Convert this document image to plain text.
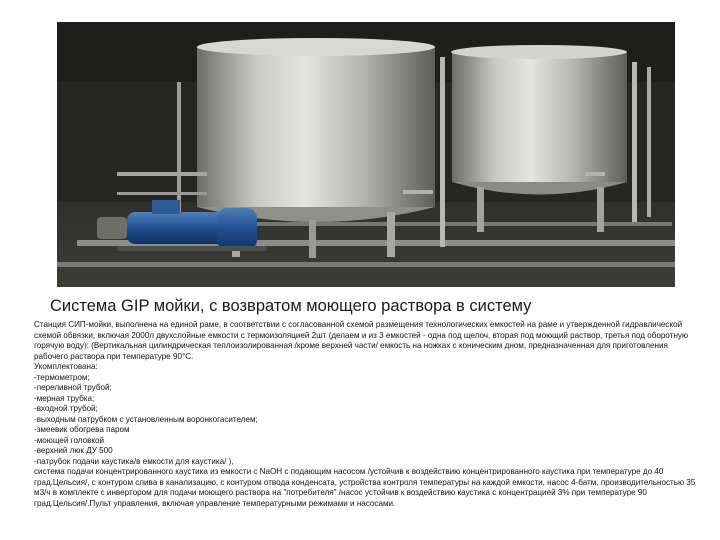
Система GIP мойки, с возвратом моющего раствора в систему

Станция СИП-мойки, выполнена на единой раме, в соответствии с согласованной схемой размещения технологических емкостей на раме и утвержденной гидравлической схемой обвязки, включая 2000л двухслойные емкости с термоизоляцией 2шт (делаем и из 3 емкостей - одна под щелоч, вторая под моющий раствор, третья под оборотную горячую воду): (Вертикальная цилиндрическая теплоизолированная /кроме верхней части/ емкость на ножках с коническим дном, предназначенная для приготовления рабочего раствора при температуре 90°С.

Укомплектована:

-термометром;

-переливной трубой;

-мерная трубка;

-входной трубой;

-выходным патрубком с установленным воронкогасителем;

-змеевик обогрева паром

-моющей головкой

-верхний люк ДУ 500

-патрубок подачи каустика/в емкости для каустика/ ),

система подачи концентрированного каустика из емкости с NaOH с подающим насосом /устойчив к воздействию концентрированного каустика при температуре до 40 град.Цельсия/, с контуром слива в канализацию, с контуром отвода конденсата, устройства контроля температуры на каждой емкости, насос 4-батм, производительностью 35 м3/ч в комплекте с инвертором для подачи моющего раствора на "потребителя" /насос устойчив к воздействию каустика с концентрацией 3% при температуре 90 град.Цельсия/.Пульт управления, включая управление температурными режимами и насосами.
